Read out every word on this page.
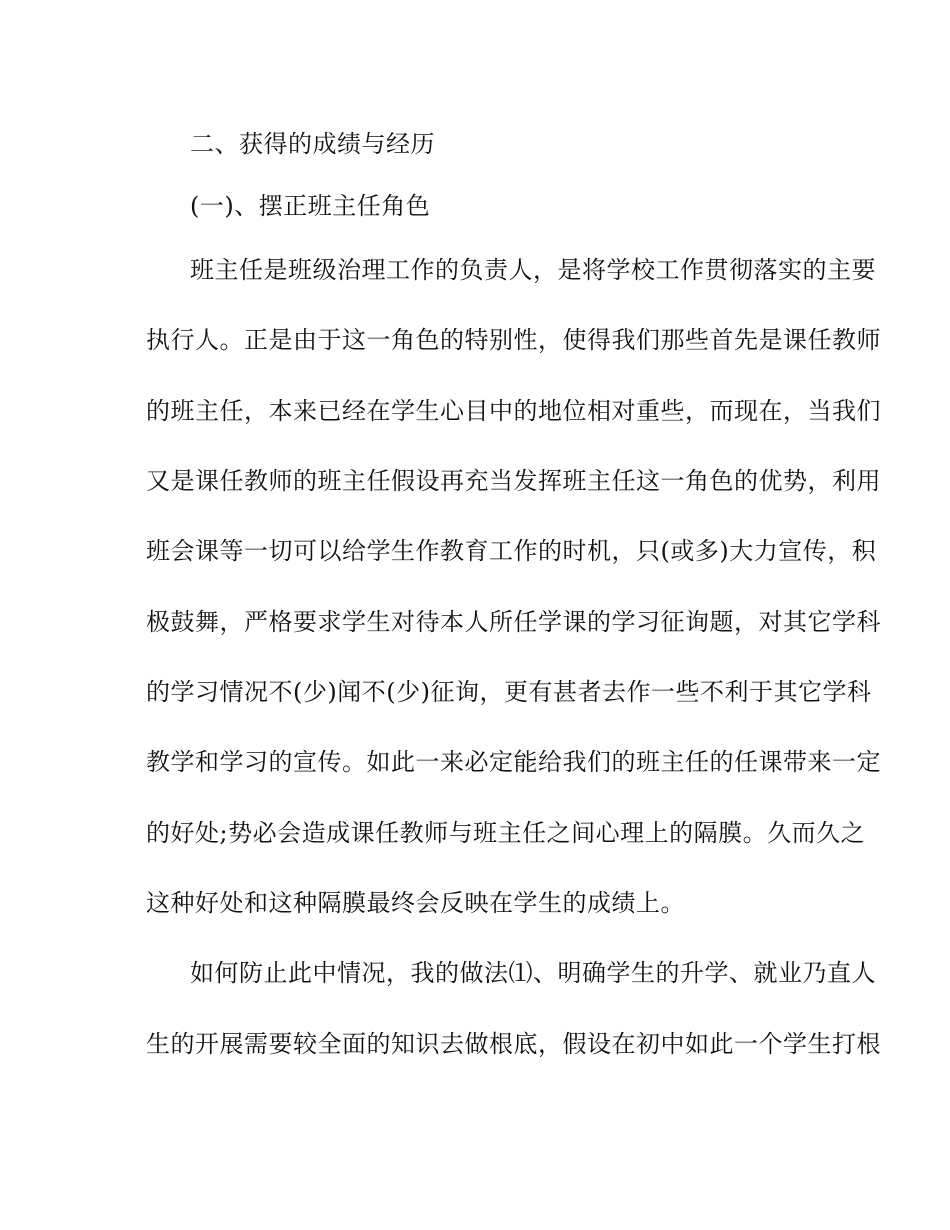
二、获得的成绩与经历
(一)、摆正班主任角色
班主任是班级治理工作的负责人，是将学校工作贯彻落实的主要
执行人。正是由于这一角色的特别性，使得我们那些首先是课任教师
的班主任，本来已经在学生心目中的地位相对重些，而现在，当我们
又是课任教师的班主任假设再充当发挥班主任这一角色的优势，利用
班会课等一切可以给学生作教育工作的时机，只(或多)大力宣传，积
极鼓舞，严格要求学生对待本人所任学课的学习征询题，对其它学科
的学习情况不(少)闻不(少)征询，更有甚者去作一些不利于其它学科
教学和学习的宣传。如此一来必定能给我们的班主任的任课带来一定
的好处;势必会造成课任教师与班主任之间心理上的隔膜。久而久之
这种好处和这种隔膜最终会反映在学生的成绩上。
如何防止此中情况，我的做法⑴、明确学生的升学、就业乃直人
生的开展需要较全面的知识去做根底，假设在初中如此一个学生打根
